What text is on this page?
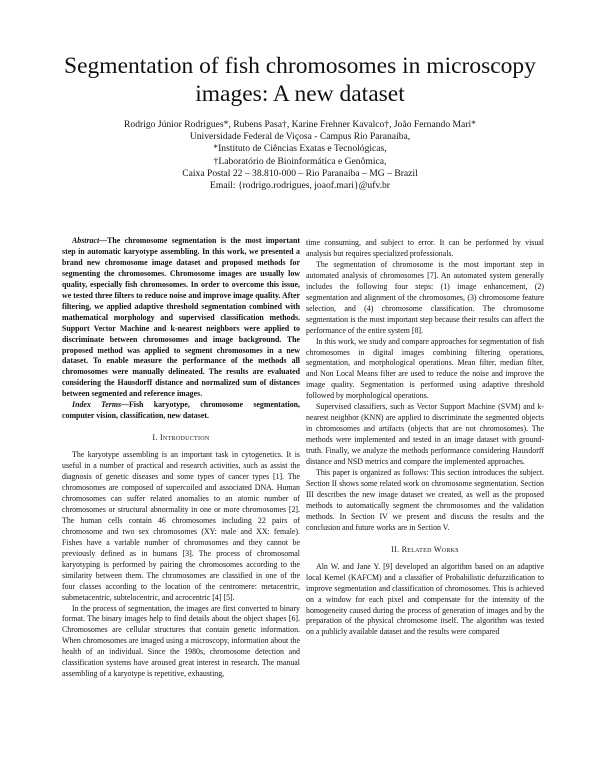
Segmentation of fish chromosomes in microscopy images: A new dataset
Rodrigo Júnior Rodrigues*, Rubens Pasa†, Karine Frehner Kavalco†, João Fernando Mari*
Universidade Federal de Viçosa - Campus Rio Paranaíba,
*Instituto de Ciências Exatas e Tecnológicas,
†Laboratório de Bioinformática e Genômica,
Caixa Postal 22 – 38.810-000 – Rio Paranaíba – MG – Brazil
Email: {rodrigo.rodrigues, joaof.mari}@ufv.br

Abstract—The chromosome segmentation is the most important step in automatic karyotype assembling. In this work, we presented a brand new chromosome image dataset and proposed methods for segmenting the chromosomes. Chromosome images are usually low quality, especially fish chromosomes. In order to overcome this issue, we tested three filters to reduce noise and improve image quality. After filtering, we applied adaptive threshold segmentation combined with mathematical morphology and supervised classification methods. Support Vector Machine and k-nearest neighbors were applied to discriminate between chromosomes and image background. The proposed method was applied to segment chromosomes in a new dataset. To enable measure the performance of the methods all chromosomes were manually delineated. The results are evaluated considering the Hausdorff distance and normalized sum of distances between segmented and reference images.

Index Terms—Fish karyotype, chromosome segmentation, computer vision, classification, new dataset.

I. Introduction

The karyotype assembling is an important task in cytogenetics. It is useful in a number of practical and research activities, such as assist the diagnosis of genetic diseases and some types of cancer types [1]. The chromosomes are composed of supercoiled and associated DNA. Human chromosomes can suffer related anomalies to an atomic number of chromosomes or structural abnormality in one or more chromosomes [2]. The human cells contain 46 chromosomes including 22 pairs of chromosome and two sex chromosomes (XY: male and XX: female). Fishes have a variable number of chromosomes and they cannot be previously defined as in humans [3]. The process of chromosomal karyotyping is performed by pairing the chromosomes according to the similarity between them. The chromosomes are classified in one of the four classes according to the location of the centromere: metacentric, submetacentric, subtelocentric, and acrocentric [4] [5].

In the process of segmentation, the images are first converted to binary format. The binary images help to find details about the object shapes [6]. Chromosomes are cellular structures that contain genetic information. When chromosomes are imaged using a microscopy, information about the health of an individual. Since the 1980s, chromosome detection and classification systems have aroused great interest in research. The manual assembling of a karyotype is repetitive, exhausting,

time consuming, and subject to error. It can be performed by visual analysis but requires specialized professionals.

The segmentation of chromosome is the most important step in automated analysis of chromosomes [7]. An automated system generally includes the following four steps: (1) image enhancement, (2) segmentation and alignment of the chromosomes, (3) chromosome feature selection, and (4) chromosome classification. The chromosome segmentation is the most important step because their results can affect the performance of the entire system [8].

In this work, we study and compare approaches for segmentation of fish chromosomes in digital images combining filtering operations, segmentation, and morphological operations. Mean filter, median filter, and Non Local Means filter are used to reduce the noise and improve the image quality. Segmentation is performed using adaptive threshold followed by morphological operations.

Supervised classifiers, such as Vector Support Machine (SVM) and k-nearest neighbor (KNN) are applied to discriminate the segmented objects in chromosomes and artifacts (objects that are not chromosomes). The methods were implemented and tested in an image dataset with ground-truth. Finally, we analyze the methods performance considering Hausdorff distance and NSD metrics and compare the implemented approaches.

This paper is organized as follows: This section introduces the subject. Section II shows some related work on chromosome segmentation. Section III describes the new image dataset we created, as well as the proposed methods to automatically segment the chromosomes and the validation methods. In Section IV we present and discuss the results and the conclusion and future works are in Section V.

II. Related Works

Aln W. and Jane Y. [9] developed an algorithm based on an adaptive local Kernel (KAFCM) and a classifier of Probabilistic defuzzification to improve segmentation and classification of chromosomes. This is achieved on a window for each pixel and compensate for the intensity of the homogeneity caused during the process of generation of images and by the preparation of the physical chromosome itself. The algorithm was tested on a publicly available dataset and the results were compared
